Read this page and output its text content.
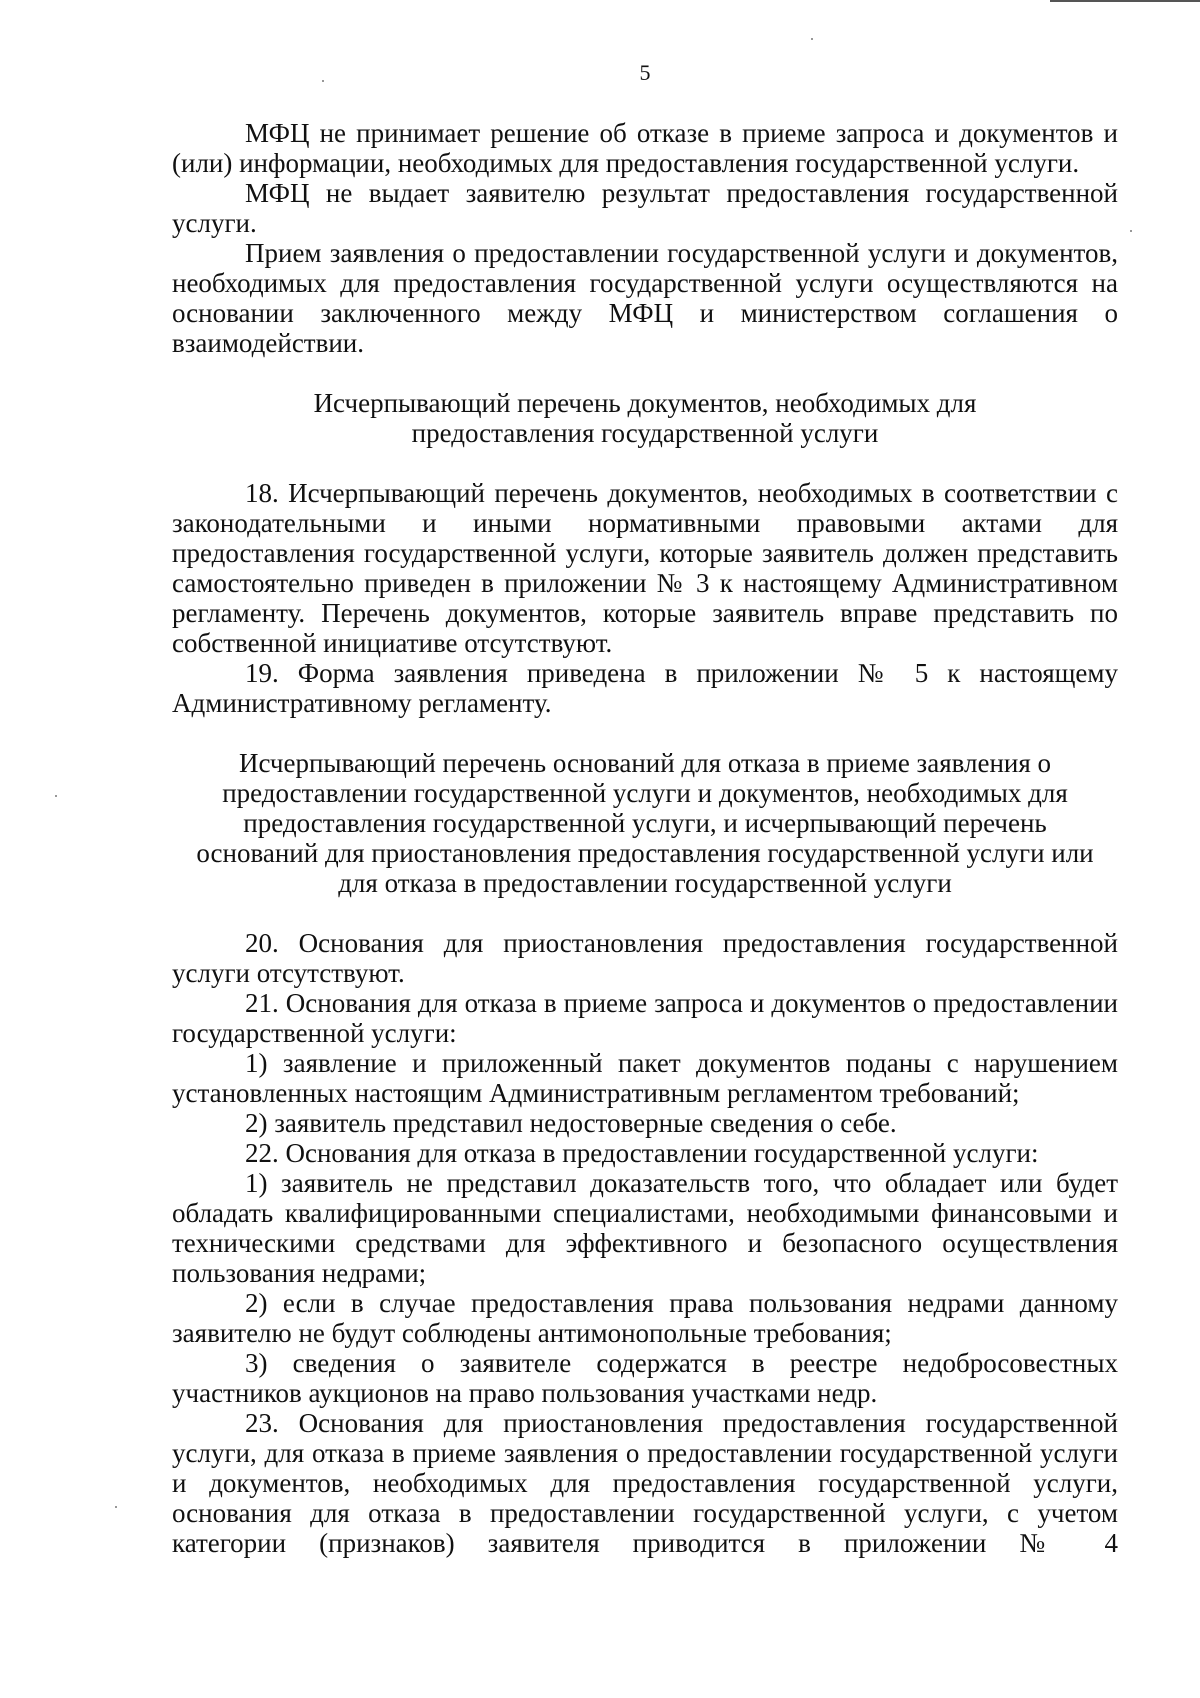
5

МФЦ не принимает решение об отказе в приеме запроса и документов и (или) информации, необходимых для предоставления государственной услуги.

МФЦ не выдает заявителю результат предоставления государственной услуги.

Прием заявления о предоставлении государственной услуги и документов, необходимых для предоставления государственной услуги осуществляются на основании заключенного между МФЦ и министерством соглашения о взаимодействии.

Исчерпывающий перечень документов, необходимых для
предоставления государственной услуги

18. Исчерпывающий перечень документов, необходимых в соответствии с законодательными и иными нормативными правовыми актами для предоставления государственной услуги, которые заявитель должен представить самостоятельно приведен в приложении № 3 к настоящему Административном регламенту. Перечень документов, которые заявитель вправе представить по собственной инициативе отсутствуют.

19. Форма заявления приведена в приложении № 5 к настоящему Административному регламенту.

Исчерпывающий перечень оснований для отказа в приеме заявления о
предоставлении государственной услуги и документов, необходимых для
предоставления государственной услуги, и исчерпывающий перечень
оснований для приостановления предоставления государственной услуги или
для отказа в предоставлении государственной услуги

20. Основания для приостановления предоставления государственной услуги отсутствуют.

21. Основания для отказа в приеме запроса и документов о предоставлении государственной услуги:

1) заявление и приложенный пакет документов поданы с нарушением установленных настоящим Административным регламентом требований;

2) заявитель представил недостоверные сведения о себе.

22. Основания для отказа в предоставлении государственной услуги:

1) заявитель не представил доказательств того, что обладает или будет обладать квалифицированными специалистами, необходимыми финансовыми и техническими средствами для эффективного и безопасного осуществления пользования недрами;

2) если в случае предоставления права пользования недрами данному заявителю не будут соблюдены антимонопольные требования;

3) сведения о заявителе содержатся в реестре недобросовестных участников аукционов на право пользования участками недр.

23. Основания для приостановления предоставления государственной услуги, для отказа в приеме заявления о предоставлении государственной услуги и документов, необходимых для предоставления государственной услуги, основания для отказа в предоставлении государственной услуги, с учетом категории (признаков) заявителя приводится в приложении № 4
